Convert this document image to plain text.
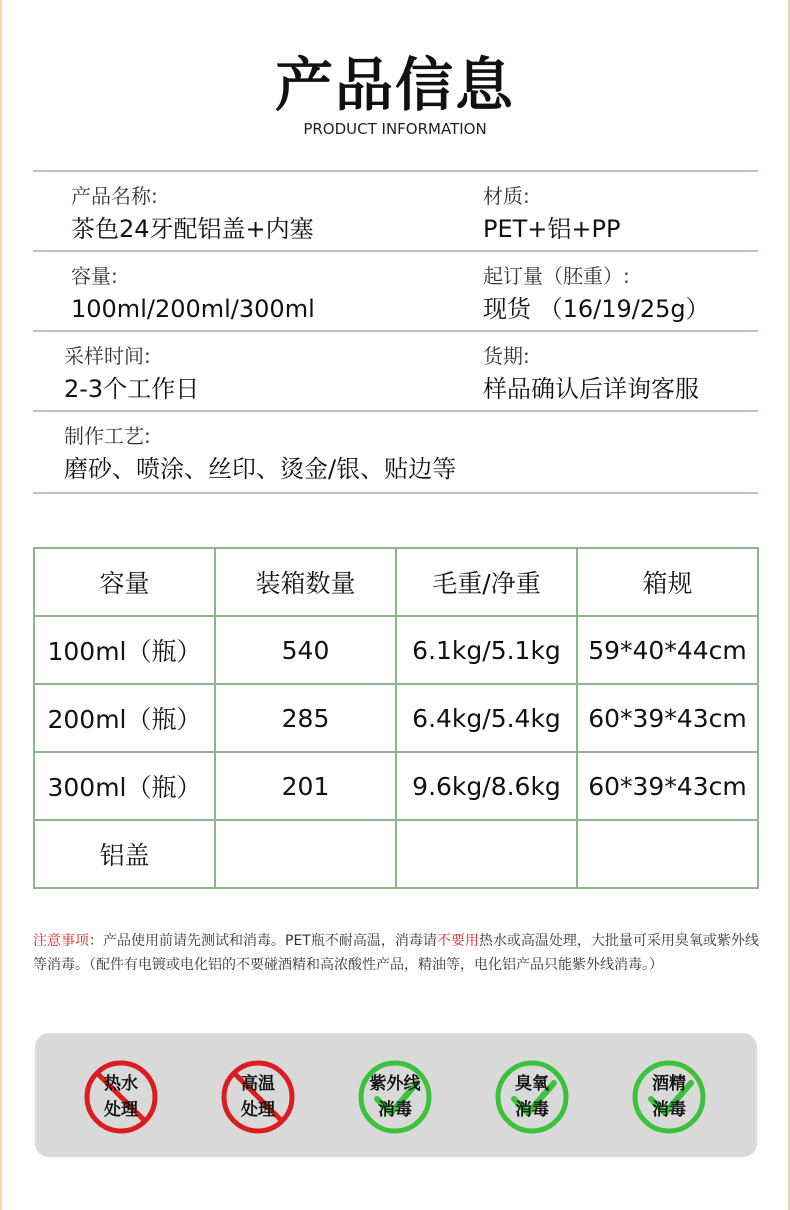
产品信息
PRODUCT INFORMATION
产品名称:
茶色24牙配铝盖+内塞
材质:
PET+铝+PP
容量:
100ml/200ml/300ml
起订量（胚重）:
现货 （16/19/25g）
采样时间:
2-3个工作日
货期:
样品确认后详询客服
制作工艺:
磨砂、喷涂、丝印、烫金/银、贴边等
容量	装箱数量	毛重/净重	箱规
100ml（瓶）	540	6.1kg/5.1kg	59*40*44cm
200ml（瓶）	285	6.4kg/5.4kg	60*39*43cm
300ml（瓶）	201	9.6kg/8.6kg	60*39*43cm
铝盖			
注意事项：产品使用前请先测试和消毒。PET瓶不耐高温，消毒请不要用热水或高温处理，大批量可采用臭氧或紫外线等消毒。（配件有电镀或电化铝的不要碰酒精和高浓酸性产品，精油等，电化铝产品只能紫外线消毒。）
热水
处理
高温
处理
紫外线
消毒
臭氧
消毒
酒精
消毒
